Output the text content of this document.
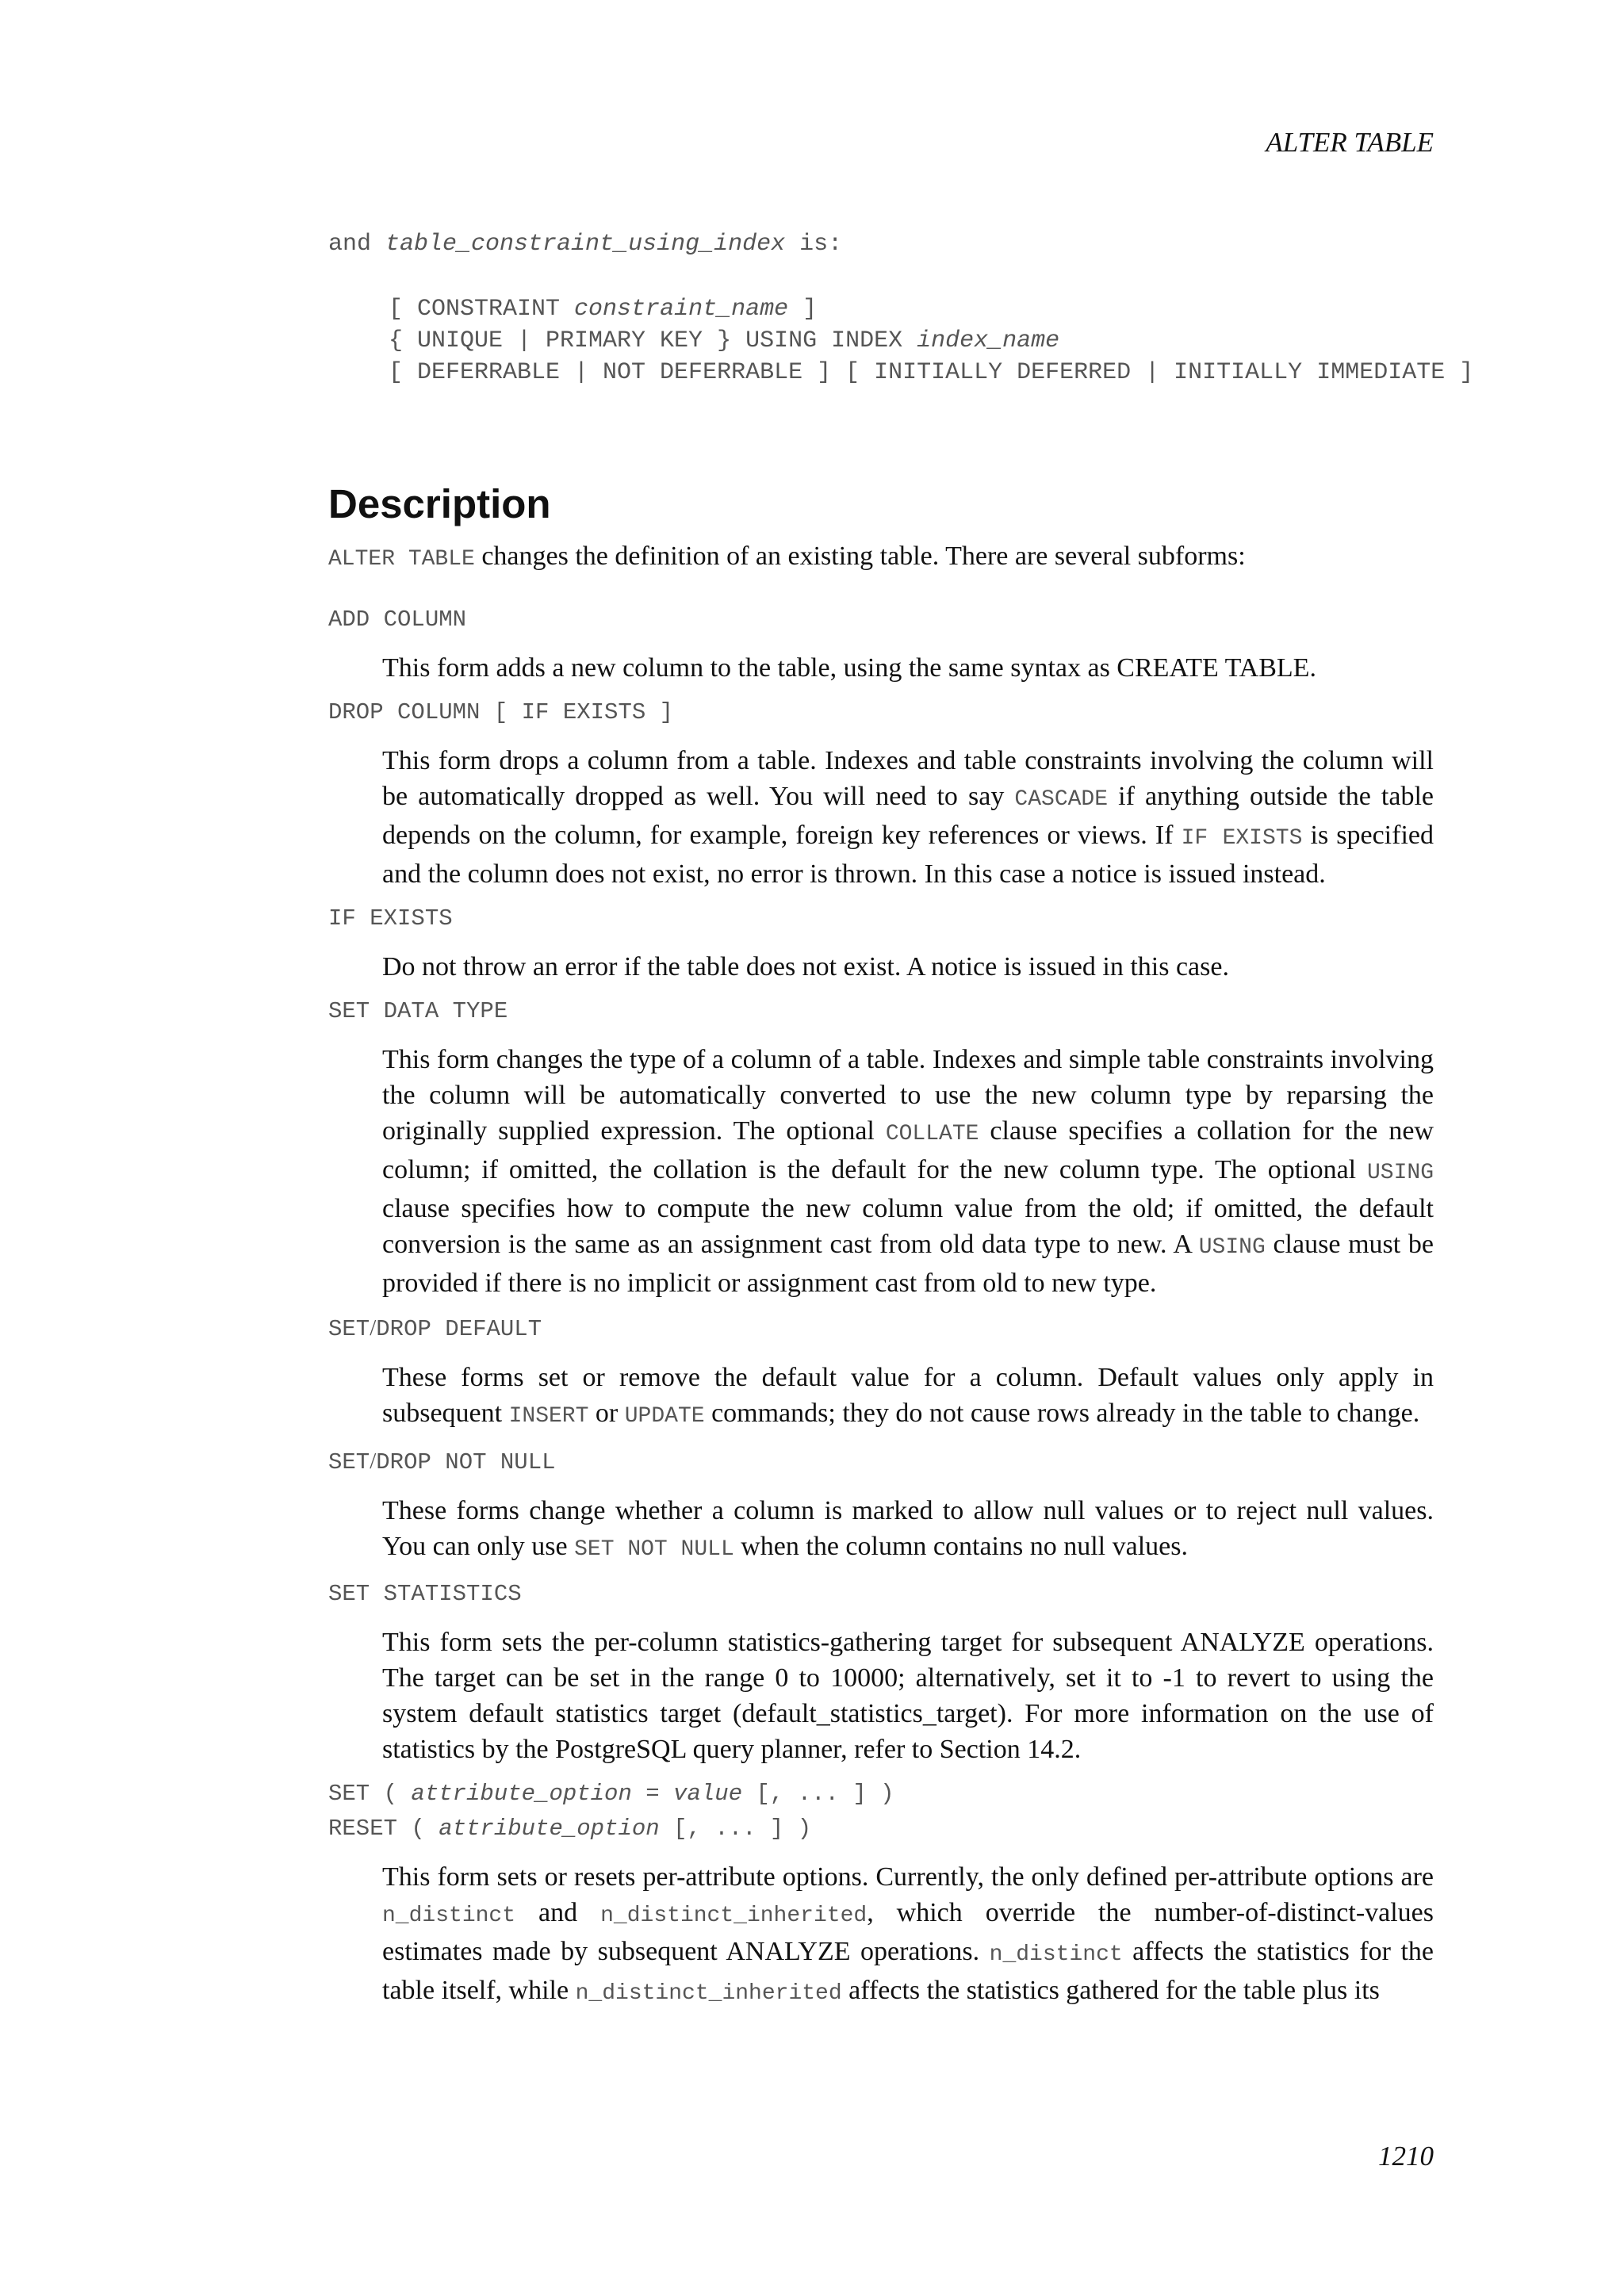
ALTER TABLE
and table_constraint_using_index is:
[ CONSTRAINT constraint_name ]
{ UNIQUE | PRIMARY KEY } USING INDEX index_name
[ DEFERRABLE | NOT DEFERRABLE ] [ INITIALLY DEFERRED | INITIALLY IMMEDIATE ]
Description

ALTER TABLE changes the definition of an existing table. There are several subforms:

ADD COLUMN

This form adds a new column to the table, using the same syntax as CREATE TABLE.

DROP COLUMN [ IF EXISTS ]

This form drops a column from a table. Indexes and table constraints involving the column will be automatically dropped as well. You will need to say CASCADE if anything outside the table depends on the column, for example, foreign key references or views. If IF EXISTS is specified and the column does not exist, no error is thrown. In this case a notice is issued instead.

IF EXISTS

Do not throw an error if the table does not exist. A notice is issued in this case.

SET DATA TYPE

This form changes the type of a column of a table. Indexes and simple table constraints involving the column will be automatically converted to use the new column type by reparsing the originally supplied expression. The optional COLLATE clause specifies a collation for the new column; if omitted, the collation is the default for the new column type. The optional USING clause specifies how to compute the new column value from the old; if omitted, the default conversion is the same as an assignment cast from old data type to new. A USING clause must be provided if there is no implicit or assignment cast from old to new type.

SET/DROP DEFAULT

These forms set or remove the default value for a column. Default values only apply in subsequent INSERT or UPDATE commands; they do not cause rows already in the table to change.

SET/DROP NOT NULL

These forms change whether a column is marked to allow null values or to reject null values. You can only use SET NOT NULL when the column contains no null values.

SET STATISTICS

This form sets the per-column statistics-gathering target for subsequent ANALYZE operations. The target can be set in the range 0 to 10000; alternatively, set it to -1 to revert to using the system default statistics target (default_statistics_target). For more information on the use of statistics by the PostgreSQL query planner, refer to Section 14.2.

SET ( attribute_option = value [, ... ] )

RESET ( attribute_option [, ... ] )

This form sets or resets per-attribute options. Currently, the only defined per-attribute options are n_distinct and n_distinct_inherited, which override the number-of-distinct-values estimates made by subsequent ANALYZE operations. n_distinct affects the statistics for the table itself, while n_distinct_inherited affects the statistics gathered for the table plus its

1210
